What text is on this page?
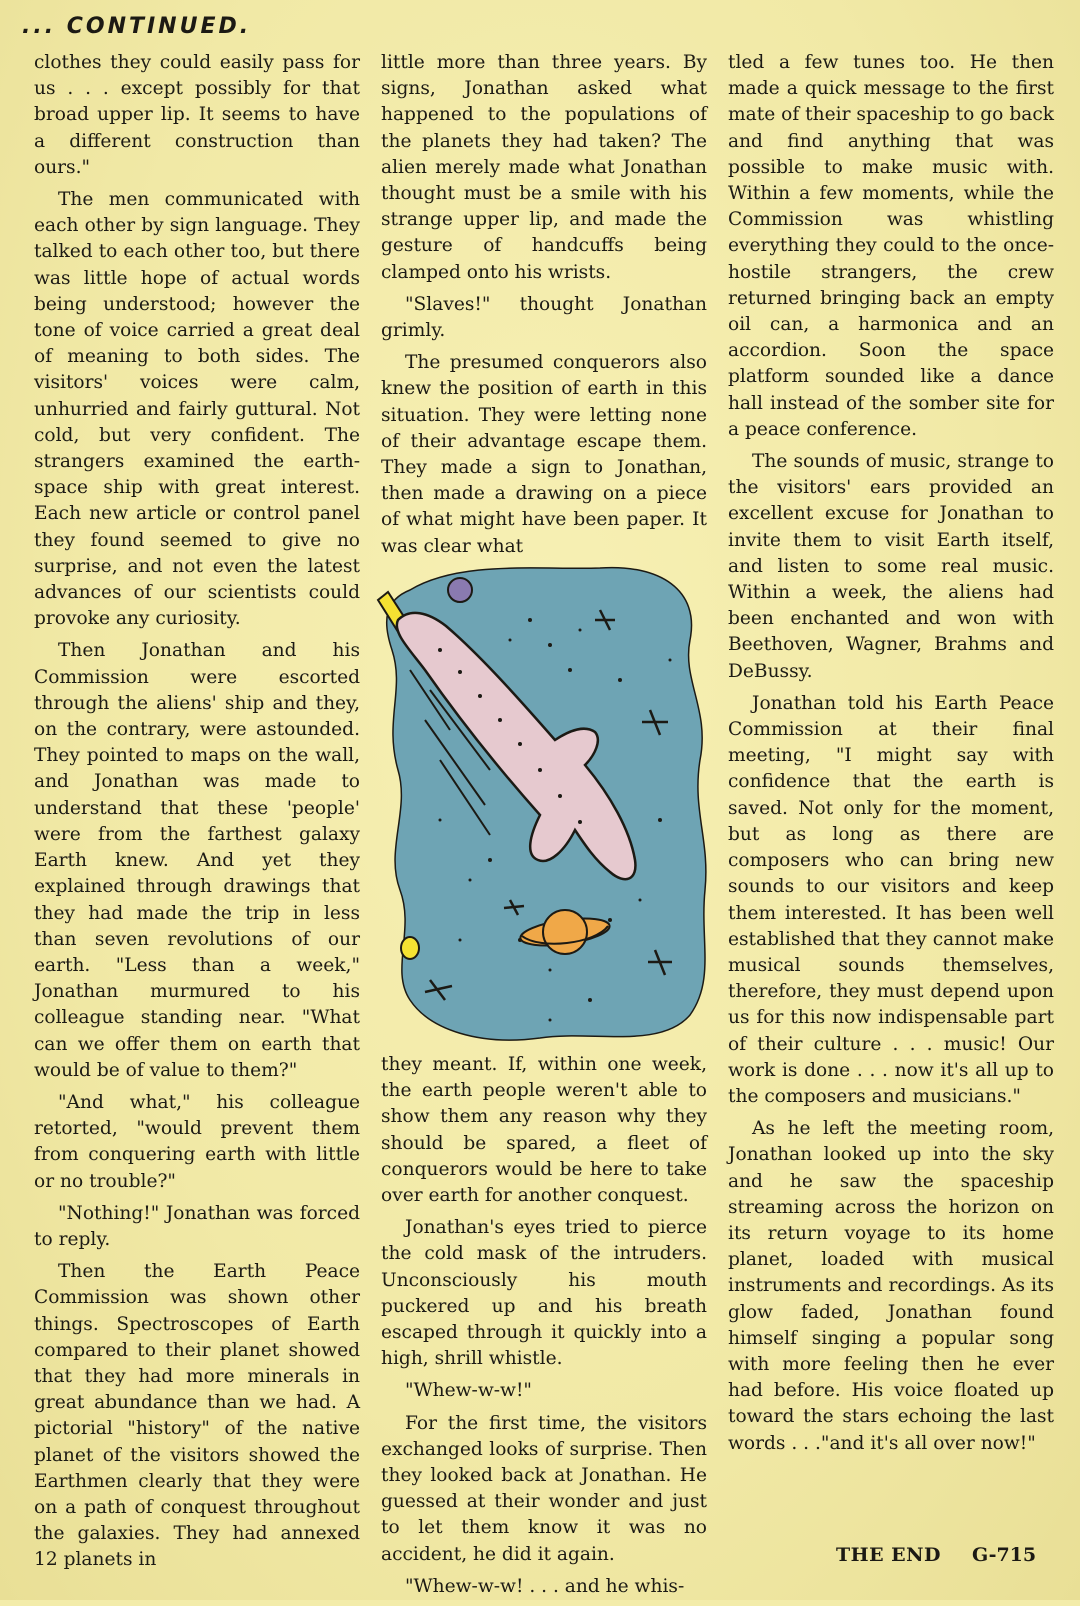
... CONTINUED.

clothes they could easily pass for us . . . except possibly for that broad upper lip. It seems to have a different construction than ours."

The men communicated with each other by sign language. They talked to each other too, but there was little hope of actual words being understood; however the tone of voice carried a great deal of meaning to both sides. The visitors' voices were calm, unhurried and fairly guttural. Not cold, but very confident. The strangers examined the earth-space ship with great interest. Each new article or control panel they found seemed to give no surprise, and not even the latest advances of our scientists could provoke any curiosity.

Then Jonathan and his Commission were escorted through the aliens' ship and they, on the contrary, were astounded. They pointed to maps on the wall, and Jonathan was made to understand that these 'people' were from the farthest galaxy Earth knew. And yet they explained through drawings that they had made the trip in less than seven revolutions of our earth. "Less than a week," Jonathan murmured to his colleague standing near. "What can we offer them on earth that would be of value to them?"

"And what," his colleague retorted, "would prevent them from conquering earth with little or no trouble?"

"Nothing!" Jonathan was forced to reply.

Then the Earth Peace Commission was shown other things. Spectroscopes of Earth compared to their planet showed that they had more minerals in great abundance than we had. A pictorial "history" of the native planet of the visitors showed the Earthmen clearly that they were on a path of conquest throughout the galaxies. They had annexed 12 planets in

little more than three years. By signs, Jonathan asked what happened to the populations of the planets they had taken? The alien merely made what Jonathan thought must be a smile with his strange upper lip, and made the gesture of handcuffs being clamped onto his wrists.

"Slaves!" thought Jonathan grimly.

The presumed conquerors also knew the position of earth in this situation. They were letting none of their advantage escape them. They made a sign to Jonathan, then made a drawing on a piece of what might have been paper. It was clear what

they meant. If, within one week, the earth people weren't able to show them any reason why they should be spared, a fleet of conquerors would be here to take over earth for another conquest.

Jonathan's eyes tried to pierce the cold mask of the intruders. Unconsciously his mouth puckered up and his breath escaped through it quickly into a high, shrill whistle.

"Whew-w-w!"

For the first time, the visitors exchanged looks of surprise. Then they looked back at Jonathan. He guessed at their wonder and just to let them know it was no accident, he did it again.

"Whew-w-w! . . . and he whis-

tled a few tunes too. He then made a quick message to the first mate of their spaceship to go back and find anything that was possible to make music with. Within a few moments, while the Commission was whistling everything they could to the once-hostile strangers, the crew returned bringing back an empty oil can, a harmonica and an accordion. Soon the space platform sounded like a dance hall instead of the somber site for a peace conference.

The sounds of music, strange to the visitors' ears provided an excellent excuse for Jonathan to invite them to visit Earth itself, and listen to some real music. Within a week, the aliens had been enchanted and won with Beethoven, Wagner, Brahms and DeBussy.

Jonathan told his Earth Peace Commission at their final meeting, "I might say with confidence that the earth is saved. Not only for the moment, but as long as there are composers who can bring new sounds to our visitors and keep them interested. It has been well established that they cannot make musical sounds themselves, therefore, they must depend upon us for this now indispensable part of their culture . . . music! Our work is done . . . now it's all up to the composers and musicians."

As he left the meeting room, Jonathan looked up into the sky and he saw the spaceship streaming across the horizon on its return voyage to its home planet, loaded with musical instruments and recordings. As its glow faded, Jonathan found himself singing a popular song with more feeling then he ever had before. His voice floated up toward the stars echoing the last words . . ."and it's all over now!"

THE END G-715
